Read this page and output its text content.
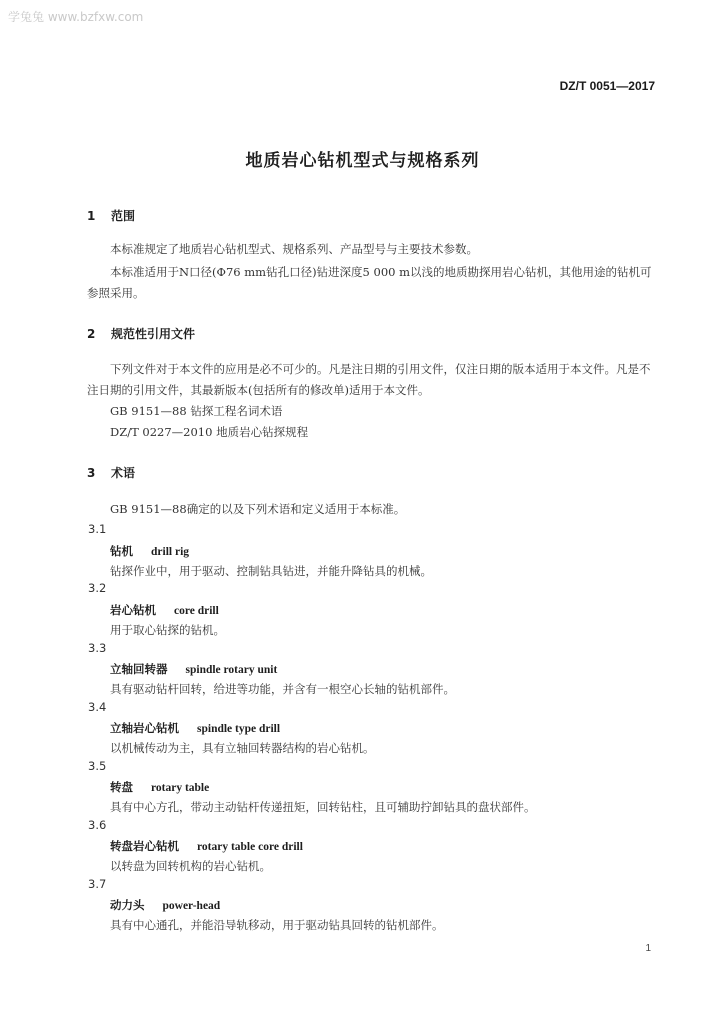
学兔兔 www.bzfxw.com
DZ/T 0051—2017
地质岩心钻机型式与规格系列
1 范围
本标准规定了地质岩心钻机型式、规格系列、产品型号与主要技术参数。
本标准适用于N口径(Φ76 mm钻孔口径)钻进深度5 000 m以浅的地质勘探用岩心钻机，其他用途的钻机可参照采用。
2 规范性引用文件
下列文件对于本文件的应用是必不可少的。凡是注日期的引用文件，仅注日期的版本适用于本文件。凡是不注日期的引用文件，其最新版本(包括所有的修改单)适用于本文件。
GB 9151—88 钻探工程名词术语
DZ/T 0227—2010 地质岩心钻探规程
3 术语
GB 9151—88确定的以及下列术语和定义适用于本标准。
3.1
钻机 drill rig
钻探作业中，用于驱动、控制钻具钻进，并能升降钻具的机械。
3.2
岩心钻机 core drill
用于取心钻探的钻机。
3.3
立轴回转器 spindle rotary unit
具有驱动钻杆回转，给进等功能，并含有一根空心长轴的钻机部件。
3.4
立轴岩心钻机 spindle type drill
以机械传动为主，具有立轴回转器结构的岩心钻机。
3.5
转盘 rotary table
具有中心方孔，带动主动钻杆传递扭矩，回转钻柱，且可辅助拧卸钻具的盘状部件。
3.6
转盘岩心钻机 rotary table core drill
以转盘为回转机构的岩心钻机。
3.7
动力头 power-head
具有中心通孔，并能沿导轨移动，用于驱动钻具回转的钻机部件。
1
